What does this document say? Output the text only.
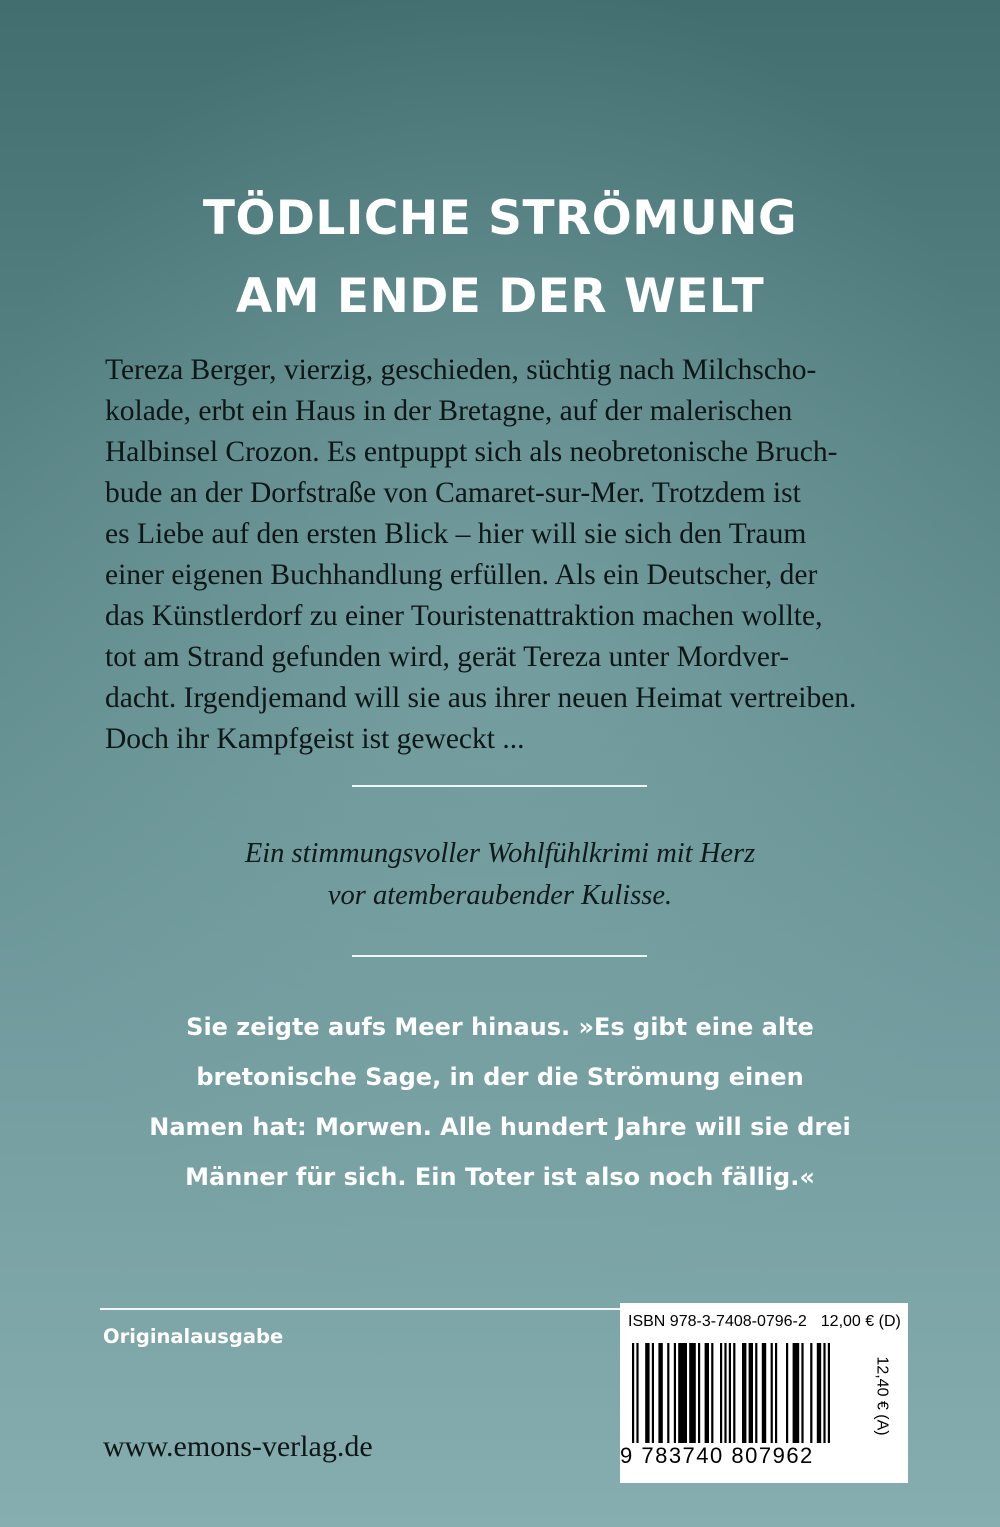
TÖDLICHE STRÖMUNG
AM ENDE DER WELT

Tereza Berger, vierzig, geschieden, süchtig nach Milchscho-
kolade, erbt ein Haus in der Bretagne, auf der malerischen
Halbinsel Crozon. Es entpuppt sich als neobretonische Bruch-
bude an der Dorfstraße von Camaret-sur-Mer. Trotzdem ist
es Liebe auf den ersten Blick – hier will sie sich den Traum
einer eigenen Buchhandlung erfüllen. Als ein Deutscher, der
das Künstlerdorf zu einer Touristenattraktion machen wollte,
tot am Strand gefunden wird, gerät Tereza unter Mordver-
dacht. Irgendjemand will sie aus ihrer neuen Heimat vertreiben.
Doch ihr Kampfgeist ist geweckt ...

Ein stimmungsvoller Wohlfühlkrimi mit Herz

vor atemberaubender Kulisse.

Sie zeigte aufs Meer hinaus. »Es gibt eine alte
bretonische Sage, in der die Strömung einen
Namen hat: Morwen. Alle hundert Jahre will sie drei
Männer für sich. Ein Toter ist also noch fällig.«

Originalausgabe

www.emons-verlag.de

ISBN 978-3-7408-0796-2 12,00 € (D)
9 783740 807962
12,40 € (A)
